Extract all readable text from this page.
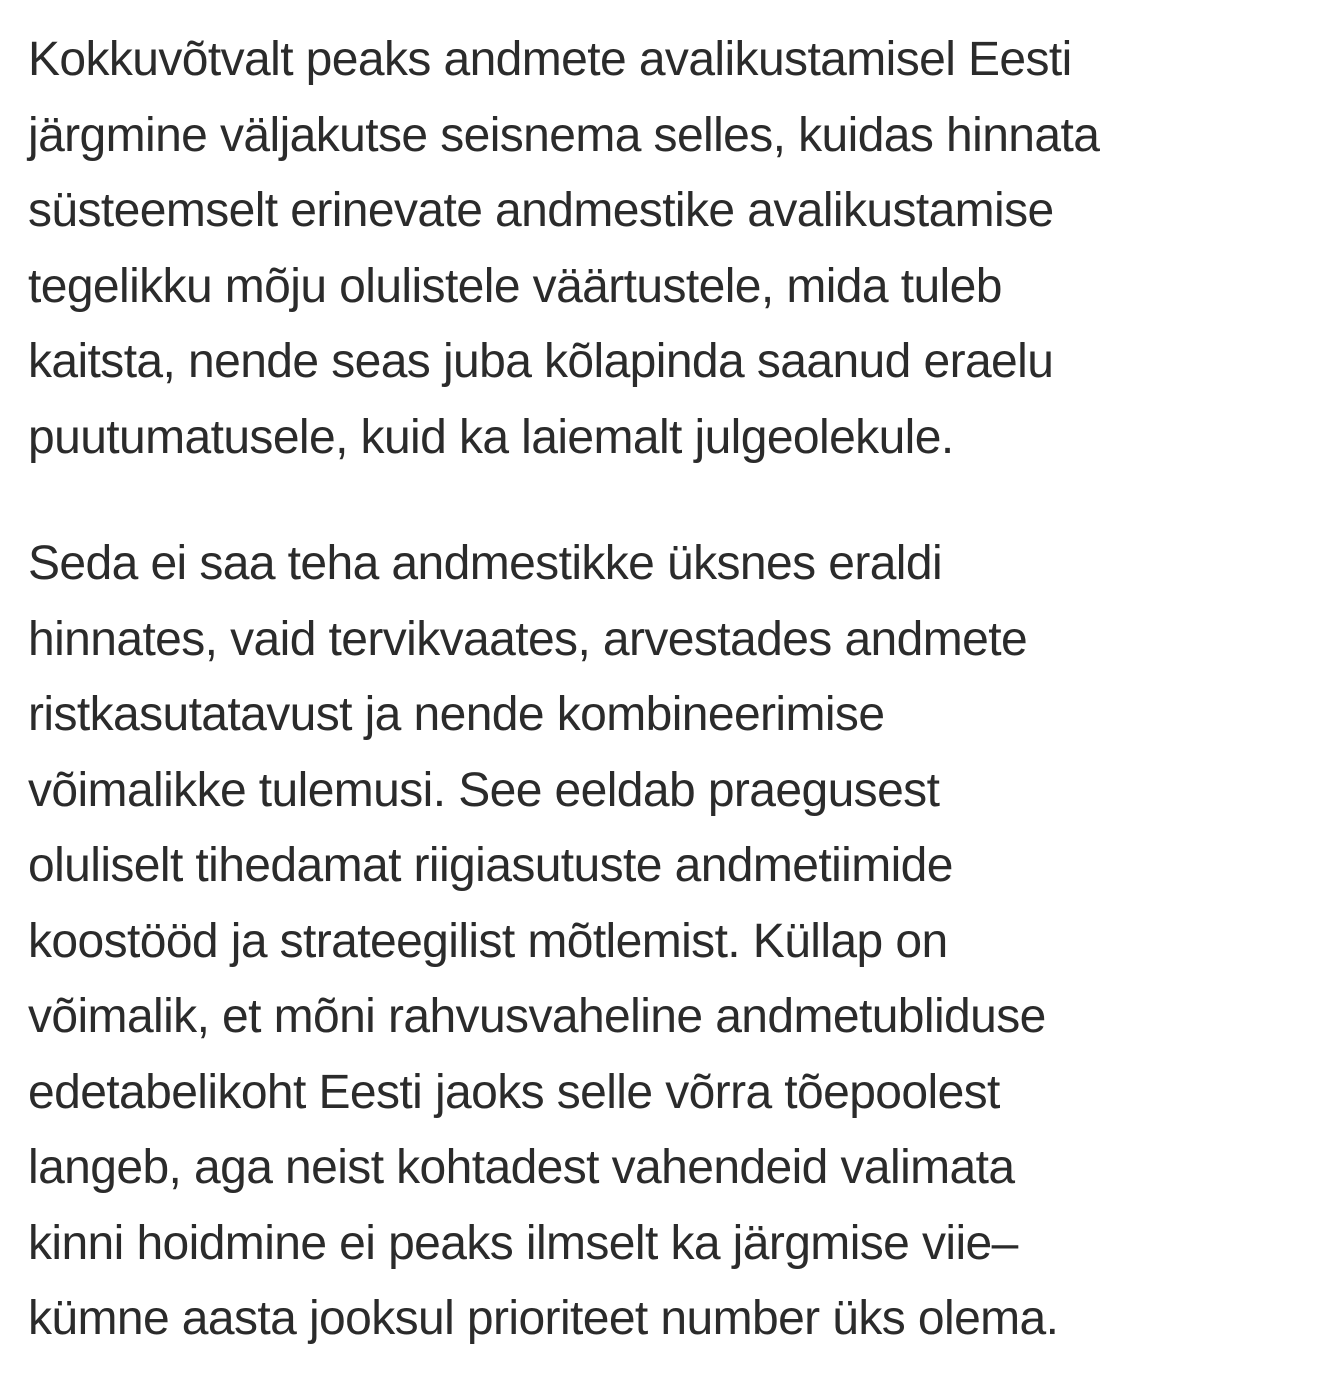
Kokkuvõtvalt peaks andmete avalikustamisel Eesti
järgmine väljakutse seisnema selles, kuidas hinnata
süsteemselt erinevate andmestike avalikustamise
tegelikku mõju olulistele väärtustele, mida tuleb
kaitsta, nende seas juba kõlapinda saanud eraelu
puutumatusele, kuid ka laiemalt julgeolekule.

Seda ei saa teha andmestikke üksnes eraldi
hinnates, vaid tervikvaates, arvestades andmete
ristkasutatavust ja nende kombineerimise
võimalikke tulemusi. See eeldab praegusest
oluliselt tihedamat riigiasutuste andmetiimide
koostööd ja strateegilist mõtlemist. Küllap on
võimalik, et mõni rahvusvaheline andmetubliduse
edetabelikoht Eesti jaoks selle võrra tõepoolest
langeb, aga neist kohtadest vahendeid valimata
kinni hoidmine ei peaks ilmselt ka järgmise viie–
kümne aasta jooksul prioriteet number üks olema.
